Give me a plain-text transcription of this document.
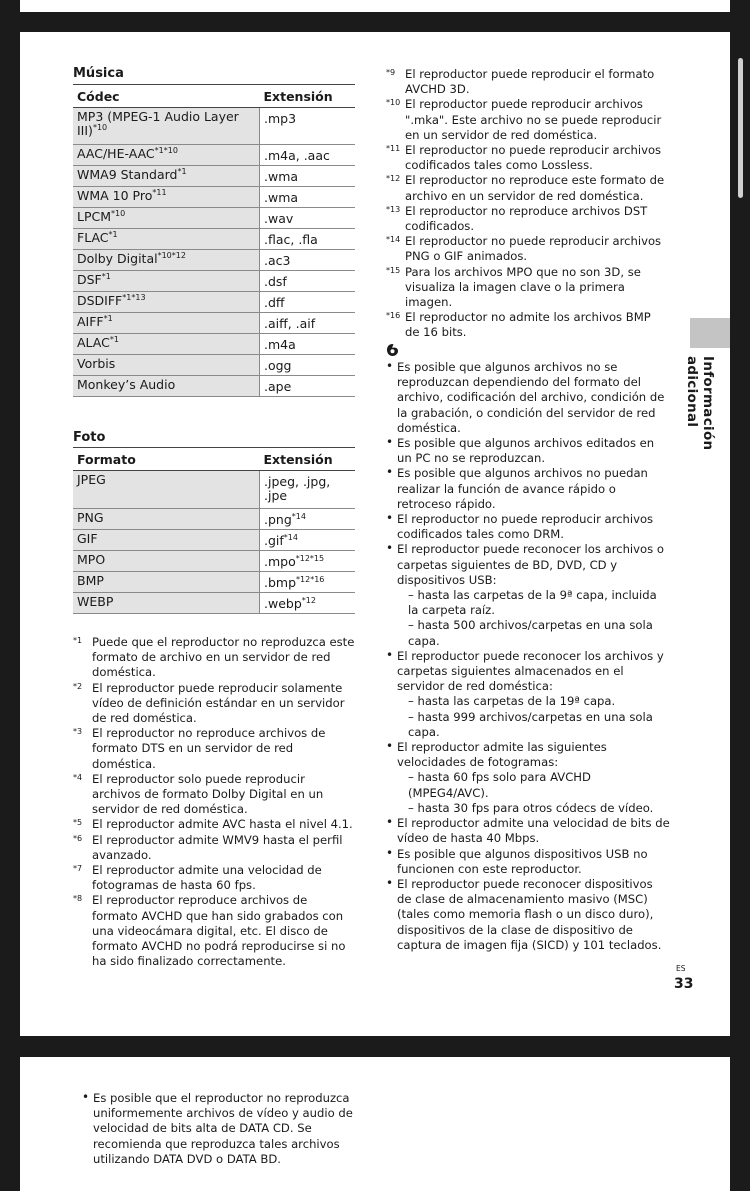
Música
Códec	Extensión
MP3 (MPEG-1 Audio Layer III)$^{*10}$	.mp3
AAC/$HE-AAC^{*1*10}$	.m4a, .aac
WMA9 Standard$^{*1}$	.wma
WMA 10 Pro$^{*11}$	.wma
LPCM$^{*10}$	.wav
FLAC$^{*1}$	.flac, .fla
Dolby Digital$^{*10*12}$	.ac3
DSF$^{*1}$	.dsf
$DSDIFF^{*1*13}$	.dff
AIFF$^{*1}$	.aiff, .aif
ALAC$^{*1}$	.m4a
Vorbis	.ogg
Monkey’s Audio	.ape
Foto
Formato	Extensión
JPEG	.jpeg, .jpg, .jpe
PNG	.png$^{*14}$
GIF	.gif$^{*14}$
MPO	.mpo$^{*12*15}$
BMP	.bmp$^{*12*16}$
WEBP	.webp$^{*12}$
*1 Puede que el reproductor no reproduzca este formato de archivo en un servidor de red doméstica.
*2 El reproductor puede reproducir solamente vídeo de definición estándar en un servidor de red doméstica.
*3 El reproductor no reproduce archivos de formato DTS en un servidor de red doméstica.
*4 El reproductor solo puede reproducir archivos de formato Dolby Digital en un servidor de red doméstica.
*5 El reproductor admite AVC hasta el nivel 4.1.
*6 El reproductor admite WMV9 hasta el perfil avanzado.
*7 El reproductor admite una velocidad de fotogramas de hasta 60 fps.
*8 El reproductor reproduce archivos de formato AVCHD que han sido grabados con una videocámara digital, etc. El disco de formato AVCHD no podrá reproducirse si no ha sido finalizado correctamente.
*9 El reproductor puede reproducir el formato AVCHD 3D.
*10 El reproductor puede reproducir archivos ".mka". Este archivo no se puede reproducir en un servidor de red doméstica.
*11 El reproductor no puede reproducir archivos codificados tales como Lossless.
*12 El reproductor no reproduce este formato de archivo en un servidor de red doméstica.
*13 El reproductor no reproduce archivos DST codificados.
*14 El reproductor no puede reproducir archivos PNG o GIF animados.
*15 Para los archivos MPO que no son 3D, se visualiza la imagen clave o la primera imagen.
*16 El reproductor no admite los archivos BMP de 16 bits.
• Es posible que algunos archivos no se reproduzcan dependiendo del formato del archivo, codificación del archivo, condición de la grabación, o condición del servidor de red doméstica.
• Es posible que algunos archivos editados en un PC no se reproduzcan.
• Es posible que algunos archivos no puedan realizar la función de avance rápido o retroceso rápido.
• El reproductor no puede reproducir archivos codificados tales como DRM.
• El reproductor puede reconocer los archivos o carpetas siguientes de BD, DVD, CD y dispositivos USB:
– hasta las carpetas de la 9ª capa, incluida la carpeta raíz.
– hasta 500 archivos/carpetas en una sola capa.
• El reproductor puede reconocer los archivos y carpetas siguientes almacenados en el servidor de red doméstica:
– hasta las carpetas de la 19ª capa.
– hasta 999 archivos/carpetas en una sola capa.
• El reproductor admite las siguientes velocidades de fotogramas:
– hasta 60 fps solo para AVCHD (MPEG4/AVC).
– hasta 30 fps para otros códecs de vídeo.
• El reproductor admite una velocidad de bits de vídeo de hasta 40 Mbps.
• Es posible que algunos dispositivos USB no funcionen con este reproductor.
• El reproductor puede reconocer dispositivos de clase de almacenamiento masivo (MSC) (tales como memoria flash o un disco duro), dispositivos de la clase de dispositivo de captura de imagen fija (SICD) y 101 teclados.
Información adicional
ES
33
• Es posible que el reproductor no reproduzca uniformemente archivos de vídeo y audio de velocidad de bits alta de DATA CD. Se recomienda que reproduzca tales archivos utilizando DATA DVD o DATA BD.
